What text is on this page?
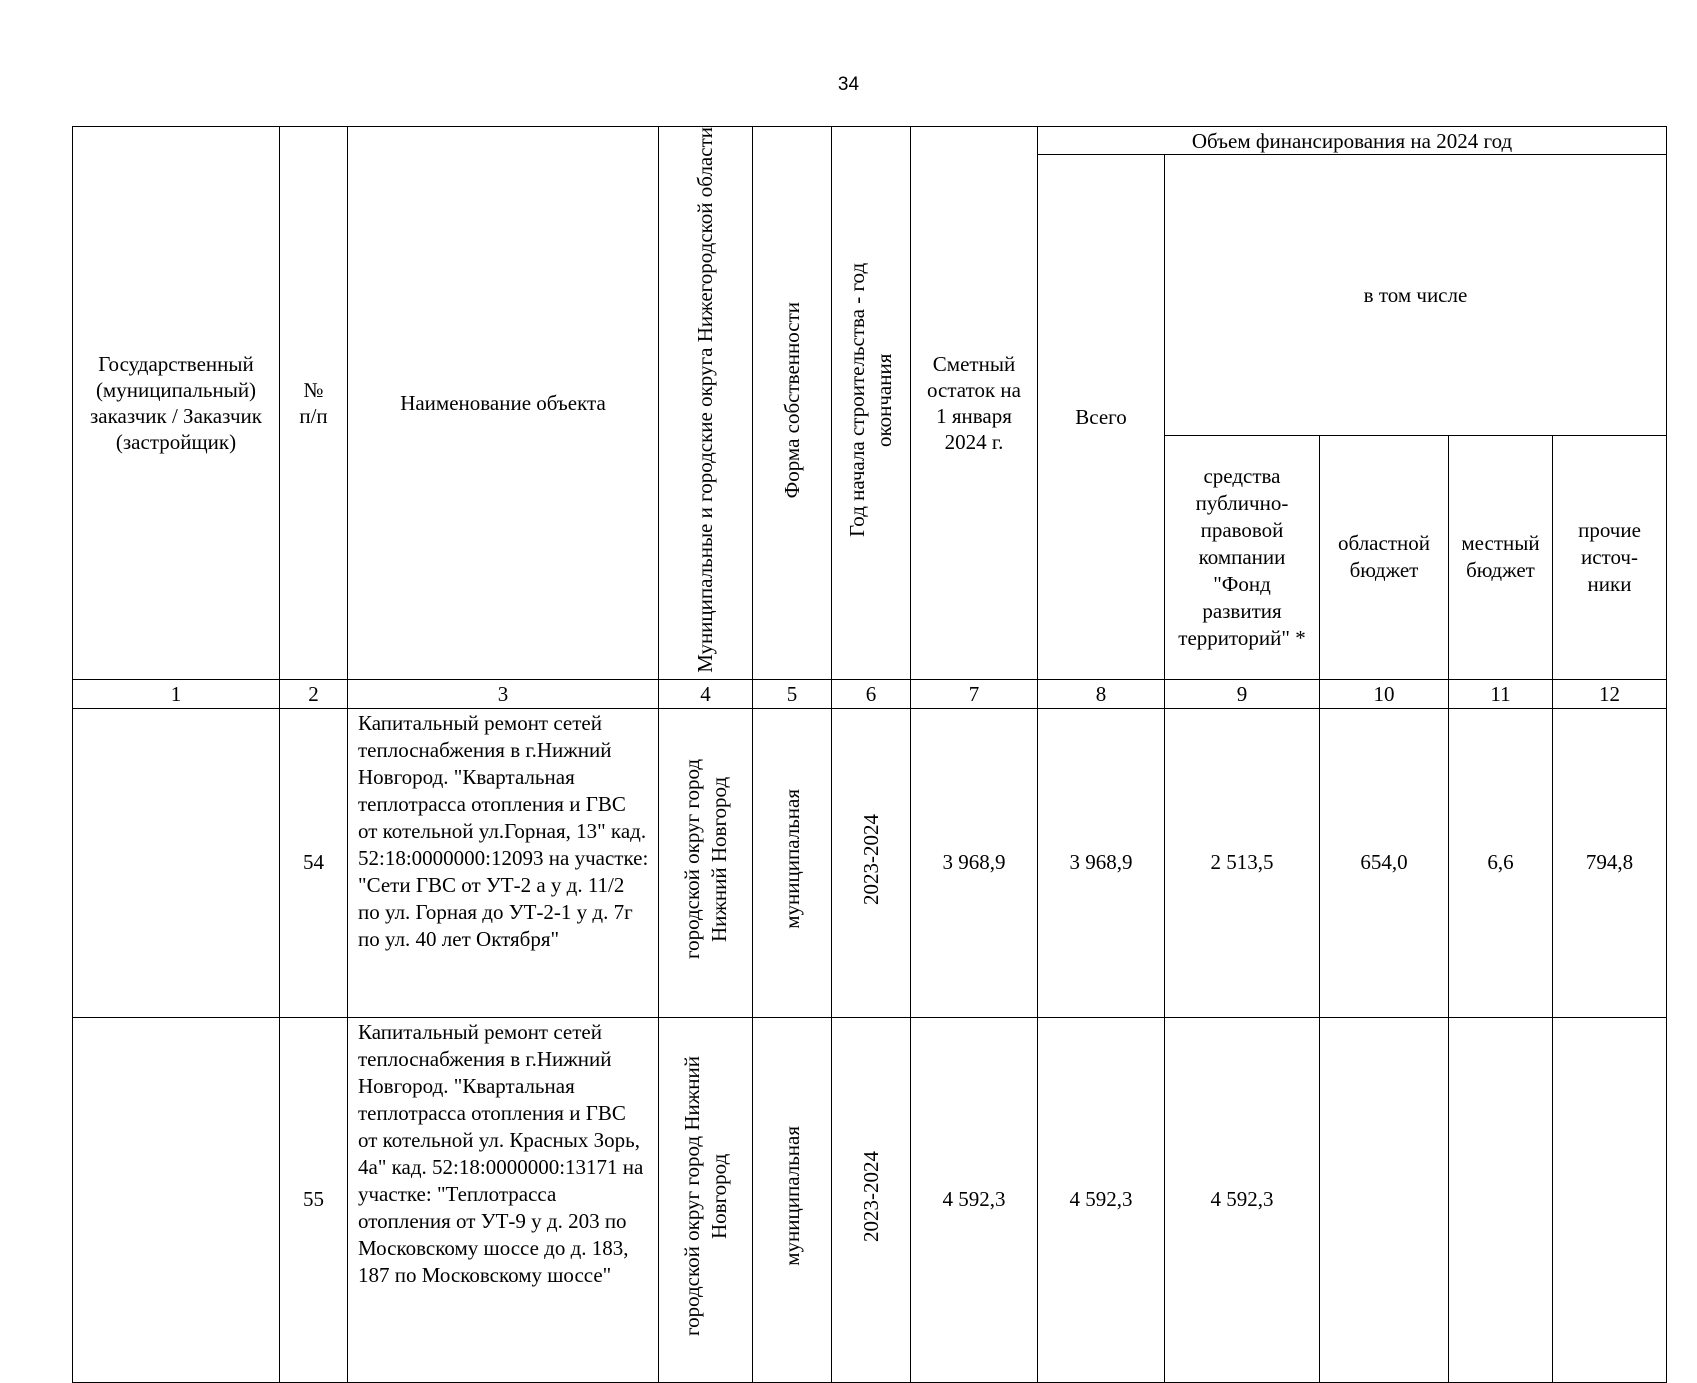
34
Государственный (муниципальный) заказчик / Заказчик (застройщик)	№ п/п	Наименование объекта	Муниципальные и городские округа Нижегородской области	Форма собственности	Год начала строительства - год окончания	Сметный остаток на 1 января 2024 г.	Объем финансирования на 2024 год				
							Всего	в том числе			
								средства публично-правовой компании "Фонд развития территорий" *	областной бюджет	местный бюджет	прочие источ-ники
1	2	3	4	5	6	7	8	9	10	11	12
	54	Капитальный ремонт сетей теплоснабжения в г.Нижний Новгород. "Квартальная теплотрасса отопления и ГВС от котельной ул.Горная, 13" кад. 52:18:0000000:12093 на участке: "Сети ГВС от УТ-2 а у д. 11/2 по ул. Горная до УТ-2-1 у д. 7г по ул. 40 лет Октября"	городской округ город Нижний Новгород	муниципальная	2023-2024	3 968,9	3 968,9	2 513,5	654,0	6,6	794,8
	55	Капитальный ремонт сетей теплоснабжения в г.Нижний Новгород. "Квартальная теплотрасса отопления и ГВС от котельной ул. Красных Зорь, 4а" кад. 52:18:0000000:13171 на участке: "Теплотрасса отопления от УТ-9 у д. 203 по Московскому шоссе до д. 183, 187 по Московскому шоссе"	городской округ город Нижний Новгород	муниципальная	2023-2024	4 592,3	4 592,3	4 592,3			
